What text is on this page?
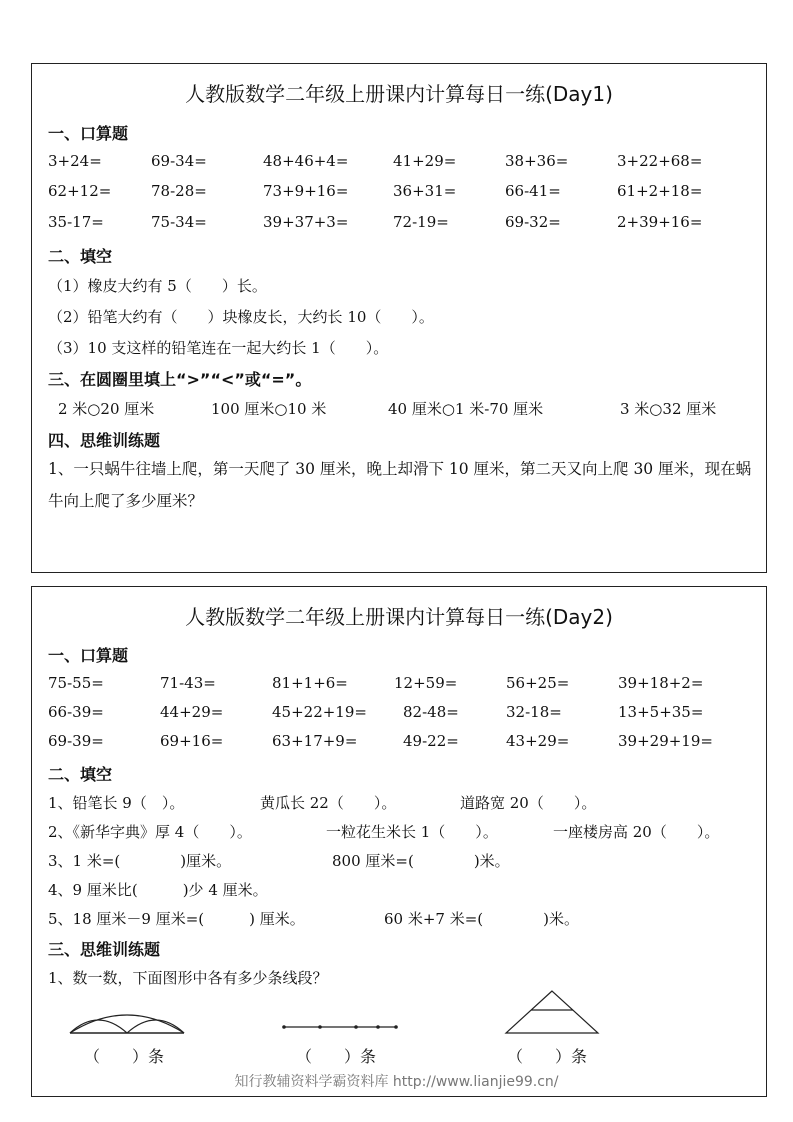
人教版数学二年级上册课内计算每日一练(Day1)
一、口算题
3+24=	69-34=	48+46+4=	41+29=	38+36=	3+22+68=
62+12=	78-28=	73+9+16=	36+31=	66-41=	61+2+18=
35-17=	75-34=	39+37+3=	72-19=	69-32=	2+39+16=
二、填空
（1）橡皮大约有 5（　　）长。
（2）铅笔大约有（　　）块橡皮长，大约长 10（　　）。
（3）10 支这样的铅笔连在一起大约长 1（　　）。
三、在圆圈里填上“>”“<”或“=”。
2 米○20 厘米	100 厘米○10 米	40 厘米○1 米-70 厘米	3 米○32 厘米
四、思维训练题
1、一只蜗牛往墙上爬，第一天爬了 30 厘米，晚上却滑下 10 厘米，第二天又向上爬 30 厘米，现在蜗牛向上爬了多少厘米？
人教版数学二年级上册课内计算每日一练(Day2)
一、口算题
75-55=	71-43=	81+1+6=	12+59=	56+25=	39+18+2=
66-39=	44+29=	45+22+19= 82-48=	32-18=	13+5+35=
69-39=	69+16=	63+17+9=	49-22=	43+29=	39+29+19=
二、填空
1、铅笔长 9（　）。	黄瓜长 22（　　）。	道路宽 20（　　）。
2、《新华字典》厚 4（　　）。	一粒花生米长 1（　　）。	一座楼房高 20（　　）。
3、1 米=(　　　　)厘米。	800 厘米=(　　　　)米。
4、9 厘米比(　　　)少 4 厘米。
5、18 厘米－9 厘米=(　　　) 厘米。	60 米+7 米=(　　　　)米。
三、思维训练题
1、数一数，下面图形中各有多少条线段？
（　　）条	（　　）条	（　　）条
知行教辅资料学霸资料库 http://www.lianjie99.cn/
